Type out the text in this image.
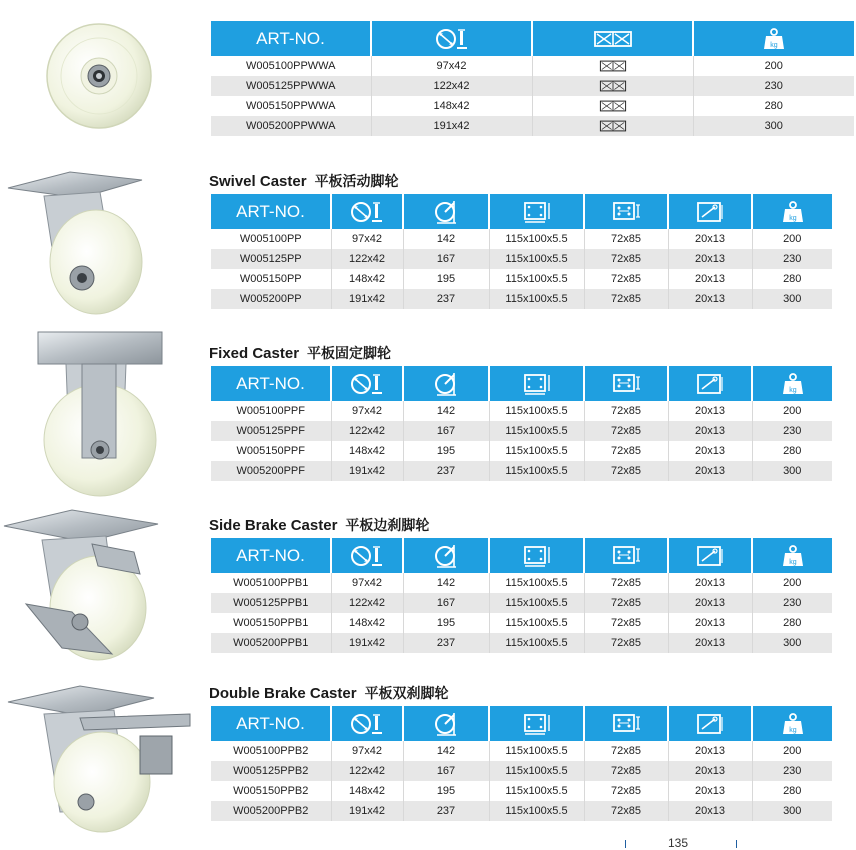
ART-NO.			kg

W005100PPWWA	97x42		200
W005125PPWWA	122x42		230
W005150PPWWA	148x42		280
W005200PPWWA	191x42		300
Swivel Caster 平板活动脚轮
Fixed Caster 平板固定脚轮
Side Brake Caster 平板边刹脚轮
Double Brake Caster 平板双刹脚轮
ART-NO.						kg

W005100PP	97x42	142	115x100x5.5	72x85	20x13	200
W005125PP	122x42	167	115x100x5.5	72x85	20x13	230
W005150PP	148x42	195	115x100x5.5	72x85	20x13	280
W005200PP	191x42	237	115x100x5.5	72x85	20x13	300
ART-NO.						kg

W005100PPF	97x42	142	115x100x5.5	72x85	20x13	200
W005125PPF	122x42	167	115x100x5.5	72x85	20x13	230
W005150PPF	148x42	195	115x100x5.5	72x85	20x13	280
W005200PPF	191x42	237	115x100x5.5	72x85	20x13	300
ART-NO.						kg

W005100PPB1	97x42	142	115x100x5.5	72x85	20x13	200
W005125PPB1	122x42	167	115x100x5.5	72x85	20x13	230
W005150PPB1	148x42	195	115x100x5.5	72x85	20x13	280
W005200PPB1	191x42	237	115x100x5.5	72x85	20x13	300
ART-NO.						kg

W005100PPB2	97x42	142	115x100x5.5	72x85	20x13	200
W005125PPB2	122x42	167	115x100x5.5	72x85	20x13	230
W005150PPB2	148x42	195	115x100x5.5	72x85	20x13	280
W005200PPB2	191x42	237	115x100x5.5	72x85	20x13	300
135
